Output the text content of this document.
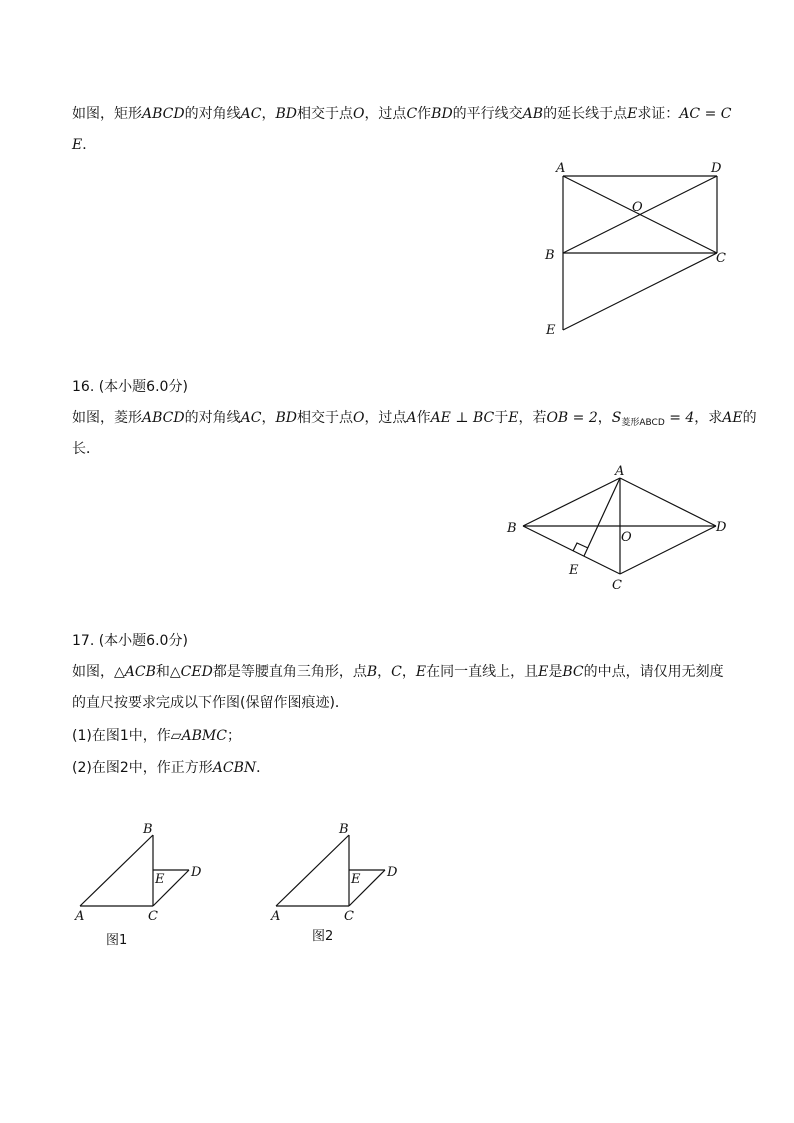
如图，矩形ABCD的对角线AC，BD相交于点O，过点C作BD的平行线交AB的延长线于点E求证：AC = C
E．
A	D
O
B	C
E
16. (本小题6.0分)
如图，菱形ABCD的对角线AC，BD相交于点O，过点A作AE ⊥ BC于E，若OB = 2，$S_{菱形ABCD} = 4$，求AE的
长．
A
B
O
D
E
C
17. (本小题6.0分)
如图，△ACB和△CED都是等腰直角三角形，点B，C，E在同一直线上，且E是BC的中点，请仅用无刻度
的直尺按要求完成以下作图(保留作图痕迹)．
(1)在图1中，作▱ABMC；
(2)在图2中，作正方形ACBN．
B
E D
A	C
图1
B
E D
A	C
图2
